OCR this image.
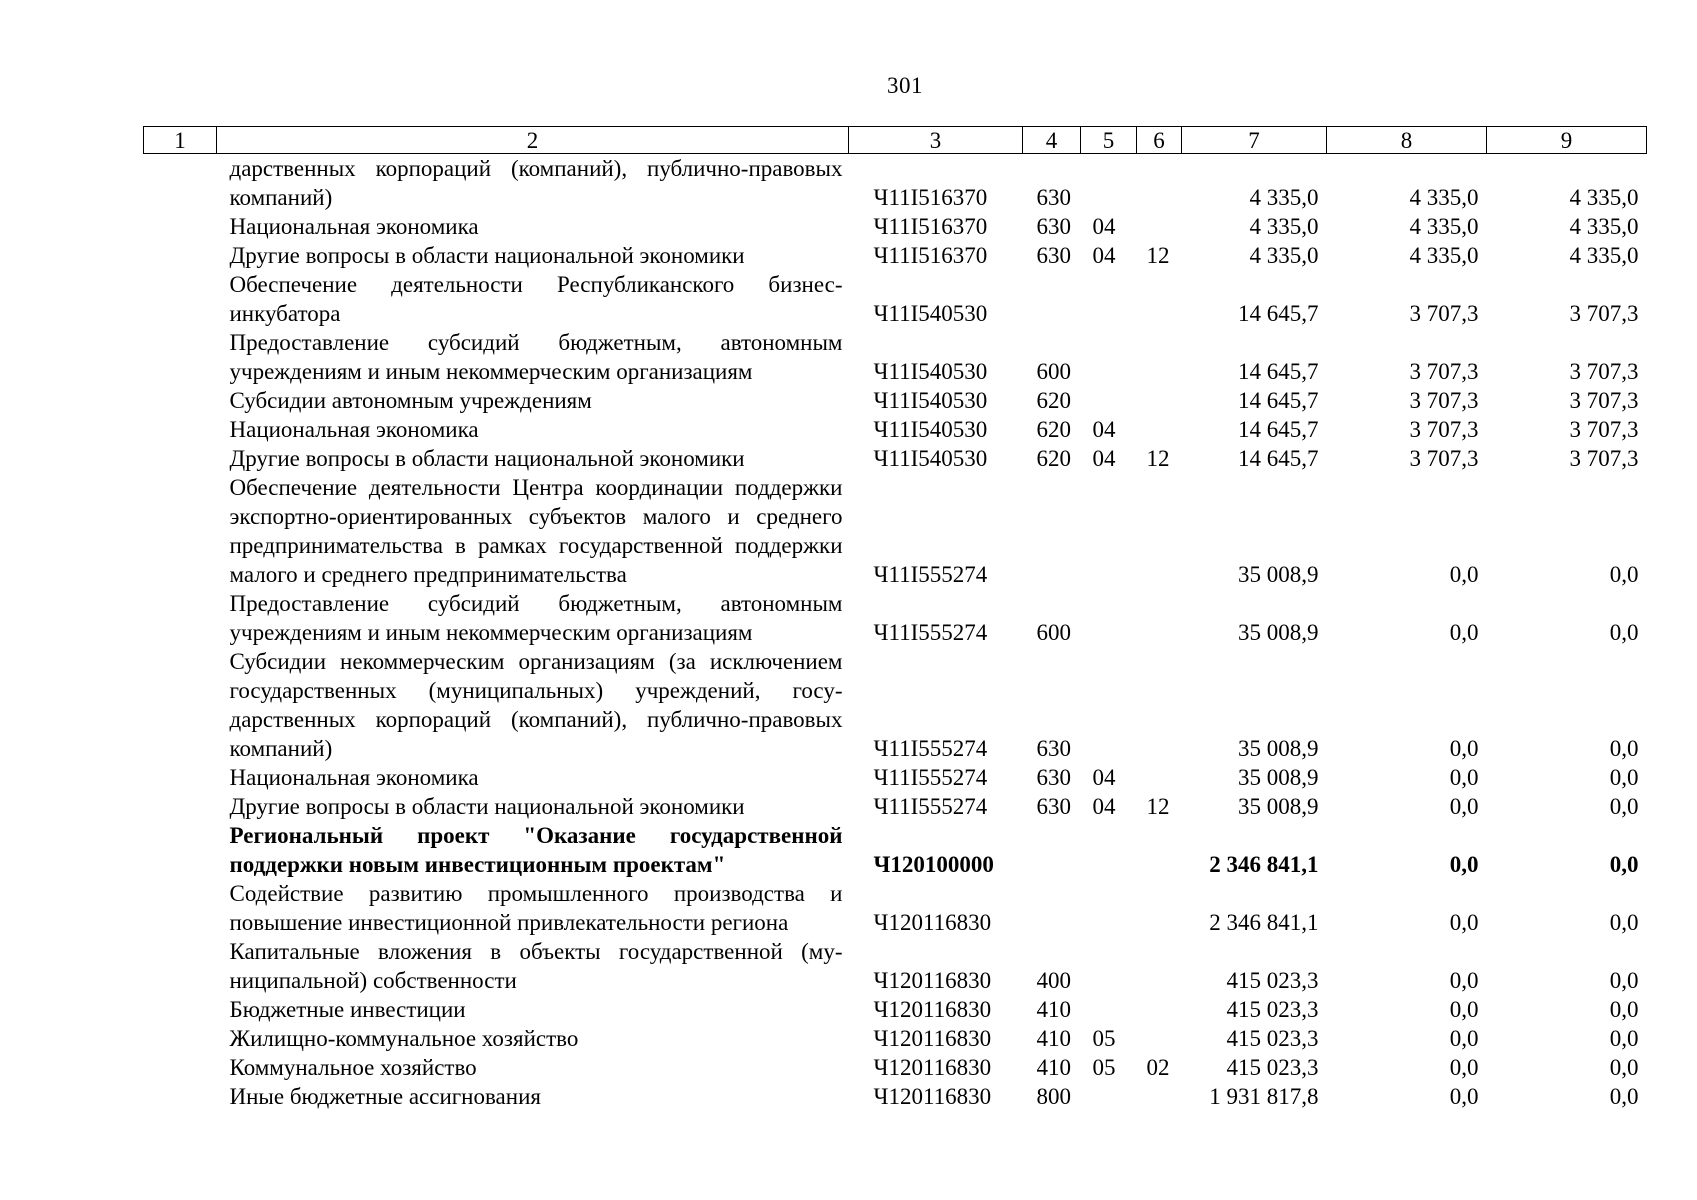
301
1	2	3	4	5	6	7	8	9
	дарственных корпораций (компаний), публично-правовых компаний)	Ч11I516370	630			4 335,0	4 335,0	4 335,0
	Национальная экономика	Ч11I516370	630	04		4 335,0	4 335,0	4 335,0
	Другие вопросы в области национальной экономики	Ч11I516370	630	04	12	4 335,0	4 335,0	4 335,0
	Обеспечение деятельности Республиканского бизнес-инкубатора	Ч11I540530				14 645,7	3 707,3	3 707,3
	Предоставление субсидий бюджетным, автономным учреждениям и иным некоммерческим организациям	Ч11I540530	600			14 645,7	3 707,3	3 707,3
	Субсидии автономным учреждениям	Ч11I540530	620			14 645,7	3 707,3	3 707,3
	Национальная экономика	Ч11I540530	620	04		14 645,7	3 707,3	3 707,3
	Другие вопросы в области национальной экономики	Ч11I540530	620	04	12	14 645,7	3 707,3	3 707,3
	Обеспечение деятельности Центра координации поддержки экспортно-ориентированных субъектов малого и среднего предпринимательства в рамках государственной поддержки малого и среднего предпринимательства	Ч11I555274				35 008,9	0,0	0,0
	Предоставление субсидий бюджетным, автономным учреждениям и иным некоммерческим организациям	Ч11I555274	600			35 008,9	0,0	0,0
	Субсидии некоммерческим организациям (за исключением государственных (муниципальных) учреждений, государственных корпораций (компаний), публично-правовых компаний)	Ч11I555274	630			35 008,9	0,0	0,0
	Национальная экономика	Ч11I555274	630	04		35 008,9	0,0	0,0
	Другие вопросы в области национальной экономики	Ч11I555274	630	04	12	35 008,9	0,0	0,0
	Региональный проект "Оказание государственной поддержки новым инвестиционным проектам"	Ч120100000				2 346 841,1	0,0	0,0
	Содействие развитию промышленного производства и повышение инвестиционной привлекательности региона	Ч120116830				2 346 841,1	0,0	0,0
	Капитальные вложения в объекты государственной (муниципальной) собственности	Ч120116830	400			415 023,3	0,0	0,0
	Бюджетные инвестиции	Ч120116830	410			415 023,3	0,0	0,0
	Жилищно-коммунальное хозяйство	Ч120116830	410	05		415 023,3	0,0	0,0
	Коммунальное хозяйство	Ч120116830	410	05	02	415 023,3	0,0	0,0
	Иные бюджетные ассигнования	Ч120116830	800			1 931 817,8	0,0	0,0
